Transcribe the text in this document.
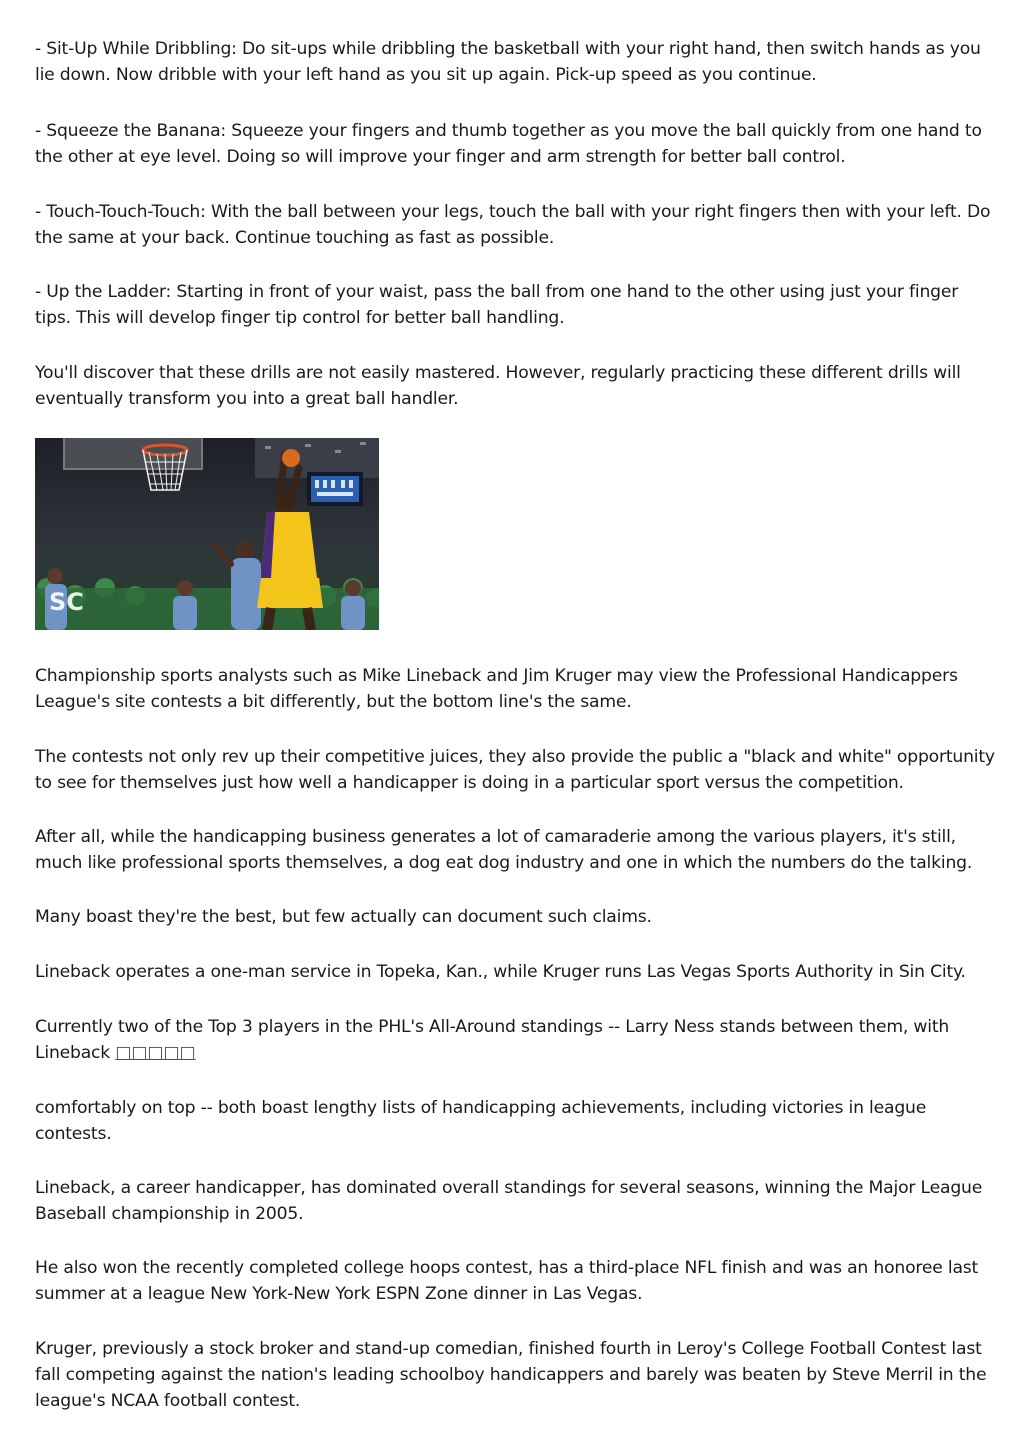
- Sit-Up While Dribbling: Do sit-ups while dribbling the basketball with your right hand, then switch hands as you lie down. Now dribble with your left hand as you sit up again. Pick-up speed as you continue.

- Squeeze the Banana: Squeeze your fingers and thumb together as you move the ball quickly from one hand to the other at eye level. Doing so will improve your finger and arm strength for better ball control.

- Touch-Touch-Touch: With the ball between your legs, touch the ball with your right fingers then with your left. Do the same at your back. Continue touching as fast as possible.

- Up the Ladder: Starting in front of your waist, pass the ball from one hand to the other using just your finger tips. This will develop finger tip control for better ball handling.

You'll discover that these drills are not easily mastered. However, regularly practicing these different drills will eventually transform you into a great ball handler.

SC

Championship sports analysts such as Mike Lineback and Jim Kruger may view the Professional Handicappers League's site contests a bit differently, but the bottom line's the same.

The contests not only rev up their competitive juices, they also provide the public a "black and white" opportunity to see for themselves just how well a handicapper is doing in a particular sport versus the competition.

After all, while the handicapping business generates a lot of camaraderie among the various players, it's still, much like professional sports themselves, a dog eat dog industry and one in which the numbers do the talking.

Many boast they're the best, but few actually can document such claims.

Lineback operates a one-man service in Topeka, Kan., while Kruger runs Las Vegas Sports Authority in Sin City.

Currently two of the Top 3 players in the PHL's All-Around standings -- Larry Ness stands between them, with Lineback □□□□□

comfortably on top -- both boast lengthy lists of handicapping achievements, including victories in league contests.

Lineback, a career handicapper, has dominated overall standings for several seasons, winning the Major League Baseball championship in 2005.

He also won the recently completed college hoops contest, has a third-place NFL finish and was an honoree last summer at a league New York-New York ESPN Zone dinner in Las Vegas.

Kruger, previously a stock broker and stand-up comedian, finished fourth in Leroy's College Football Contest last fall competing against the nation's leading schoolboy handicappers and barely was beaten by Steve Merril in the league's NCAA football contest.
